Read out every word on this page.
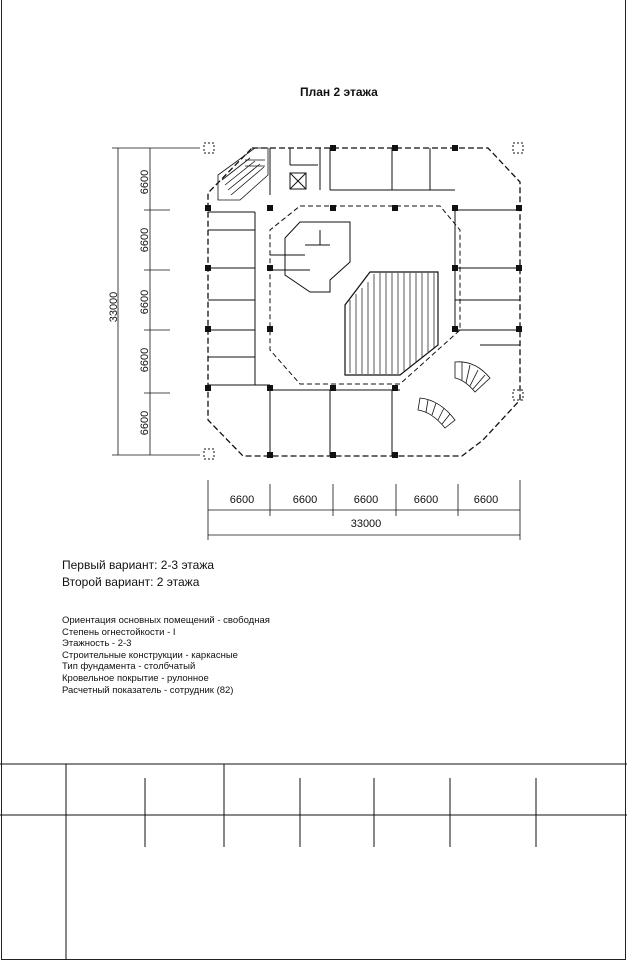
План 2 этажа
33000
6600
6600
6600
6600
6600
6600	6600	6600	6600	6600
33000
Первый вариант: 2-3 этажа
Второй вариант: 2 этажа
Ориентация основных помещений - свободная
Степень огнестойкости - I
Этажность - 2-3
Строительные конструкции - каркасные
Тип фундамента - столбчатый
Кровельное покрытие - рулонное
Расчетный показатель - сотрудник (82)
